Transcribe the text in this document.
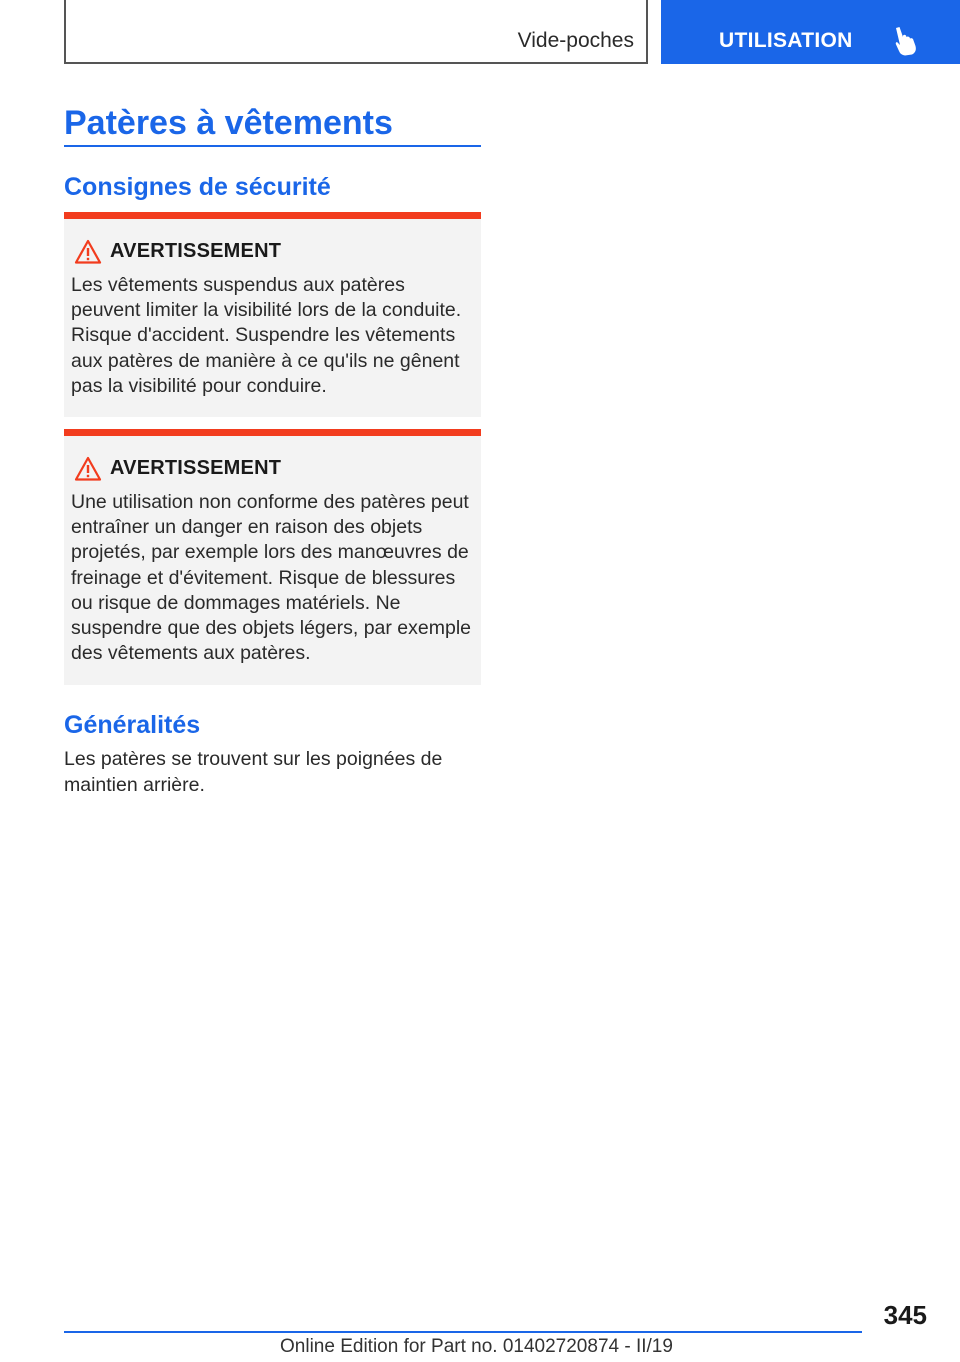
Vide-poches	UTILISATION
Patères à vêtements
Consignes de sécurité
AVERTISSEMENT

Les vêtements suspendus aux patères peuvent limiter la visibilité lors de la conduite. Risque d'accident. Suspendre les vêtements aux patères de manière à ce qu'ils ne gênent pas la visibilité pour conduire.

AVERTISSEMENT

Une utilisation non conforme des patères peut entraîner un danger en raison des objets projetés, par exemple lors des manœuvres de freinage et d'évitement. Risque de blessures ou risque de dommages matériels. Ne suspendre que des objets légers, par exemple des vêtements aux patères.

Généralités

Les patères se trouvent sur les poignées de maintien arrière.

345
Online Edition for Part no. 01402720874 - II/19
